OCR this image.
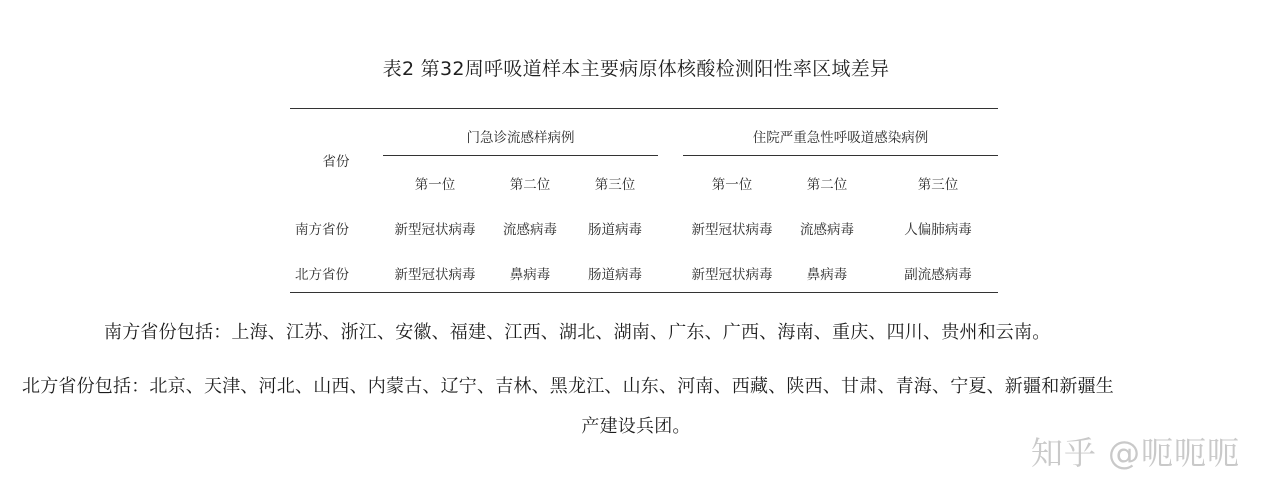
表2 第32周呼吸道样本主要病原体核酸检测阳性率区域差异
省份
门急诊流感样病例	住院严重急性呼吸道感染病例
第一位	第二位	第三位	第一位	第二位	第三位
南方省份	新型冠状病毒	流感病毒	肠道病毒	新型冠状病毒	流感病毒	人偏肺病毒
北方省份	新型冠状病毒	鼻病毒	肠道病毒	新型冠状病毒	鼻病毒	副流感病毒
南方省份包括：上海、江苏、浙江、安徽、福建、江西、湖北、湖南、广东、广西、海南、重庆、四川、贵州和云南。
北方省份包括：北京、天津、河北、山西、内蒙古、辽宁、吉林、黑龙江、山东、河南、西藏、陕西、甘肃、青海、宁夏、新疆和新疆生
产建设兵团。
知乎 @呃呃呃
